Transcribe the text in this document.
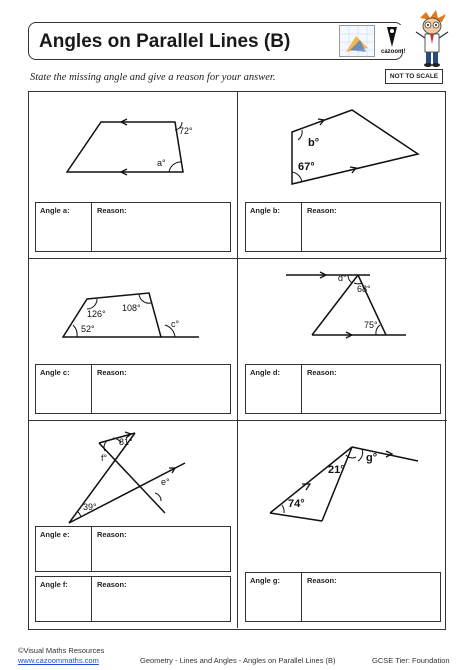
Angles on Parallel Lines (B)	cazoom!
State the missing angle and give a reason for your answer.	NOT TO SCALE
Angle a:	Reason:	Angle b:	Reason:
Angle c:	Reason:	Angle d:	Reason:
Angle e:	Reason:
Angle f:	Reason:	Angle g:	Reason:
72°
a°
b°
67°
126°
108°
52°	c°
d°
68°
75°
81°
f°
e°
39°
21°
g°
74°
©Visual Maths Resources
www.cazoommaths.com	Geometry - Lines and Angles - Angles on Parallel Lines (B)	GCSE Tier: Foundation
